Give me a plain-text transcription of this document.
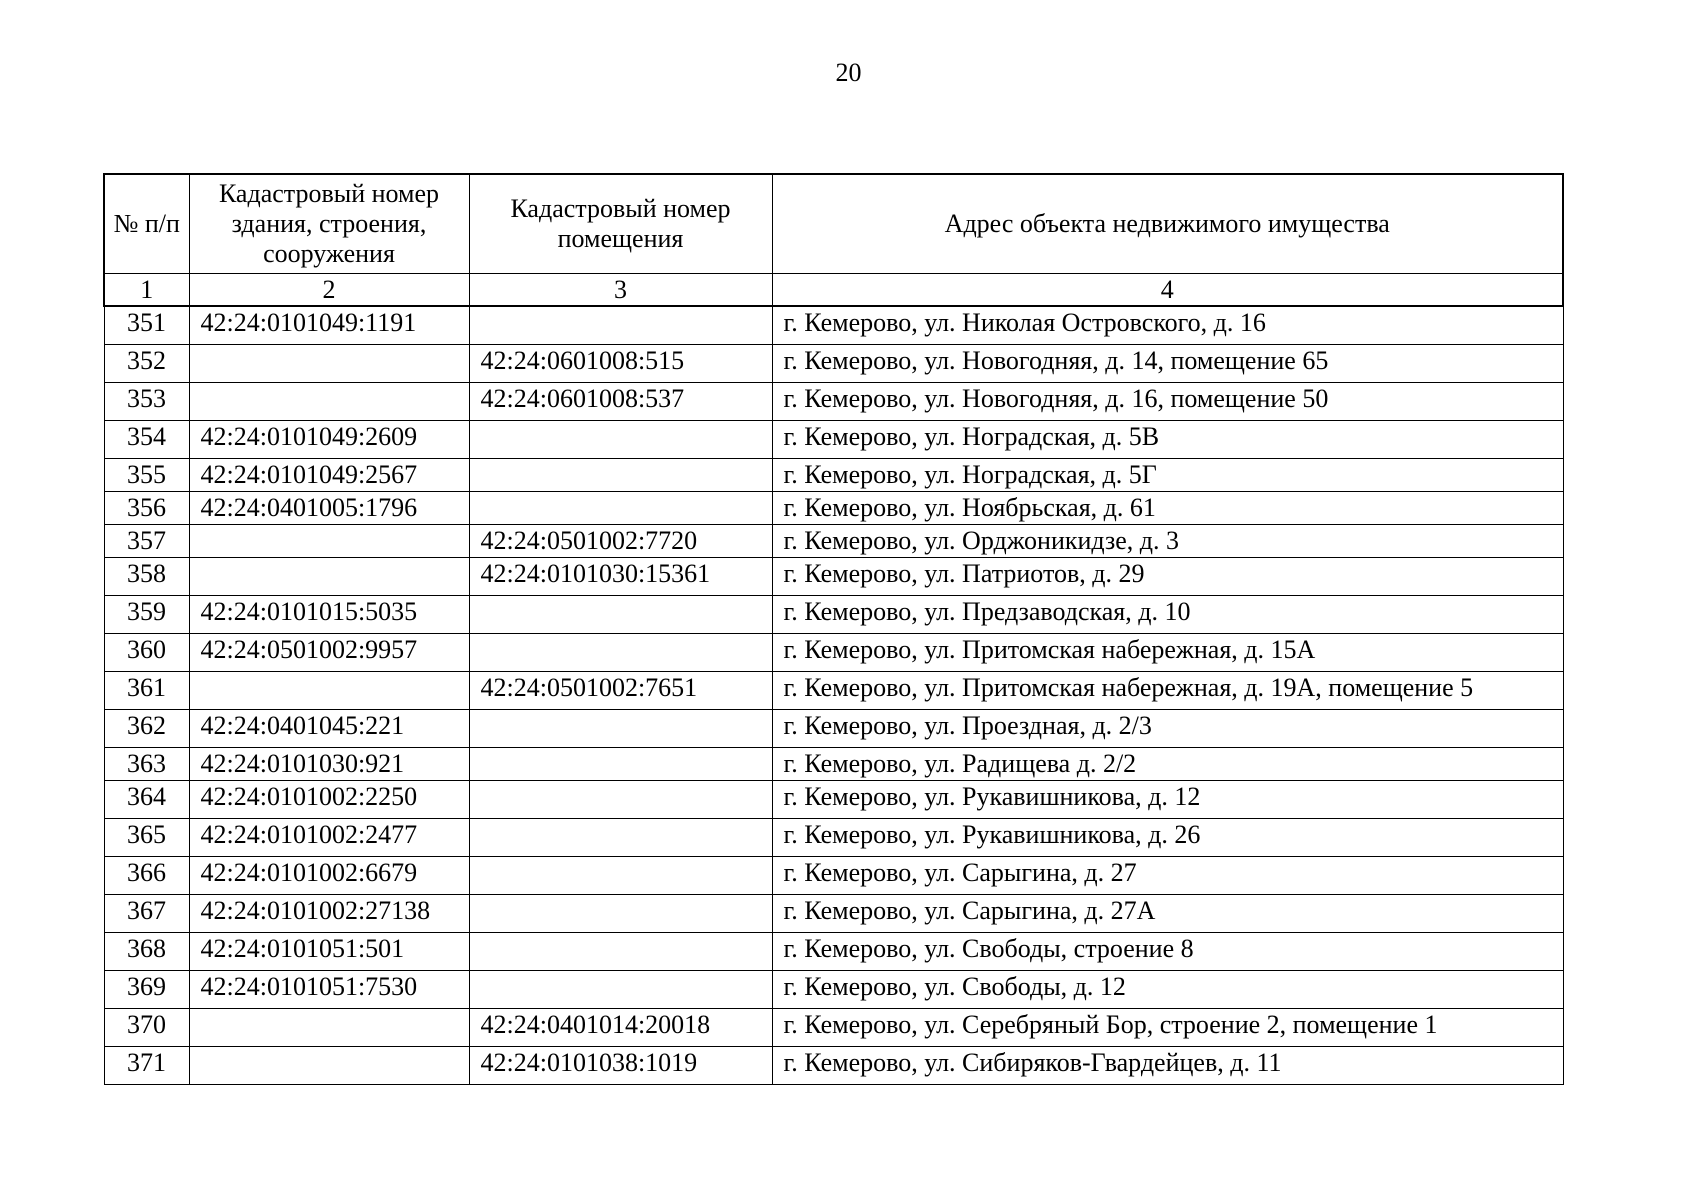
20
№ п/п	Кадастровый номер здания, строения, сооружения	Кадастровый номер помещения	Адрес объекта недвижимого имущества
1	2	3	4
351	42:24:0101049:1191		г. Кемерово, ул. Николая Островского, д. 16
352		42:24:0601008:515	г. Кемерово, ул. Новогодняя, д. 14, помещение 65
353		42:24:0601008:537	г. Кемерово, ул. Новогодняя, д. 16, помещение 50
354	42:24:0101049:2609		г. Кемерово, ул. Ноградская, д. 5В
355	42:24:0101049:2567		г. Кемерово, ул. Ноградская, д. 5Г
356	42:24:0401005:1796		г. Кемерово, ул. Ноябрьская, д. 61
357		42:24:0501002:7720	г. Кемерово, ул. Орджоникидзе, д. 3
358		42:24:0101030:15361	г. Кемерово, ул. Патриотов, д. 29
359	42:24:0101015:5035		г. Кемерово, ул. Предзаводская, д. 10
360	42:24:0501002:9957		г. Кемерово, ул. Притомская набережная, д. 15А
361		42:24:0501002:7651	г. Кемерово, ул. Притомская набережная, д. 19А, помещение 5
362	42:24:0401045:221		г. Кемерово, ул. Проездная, д. 2/3
363	42:24:0101030:921		г. Кемерово, ул. Радищева д. 2/2
364	42:24:0101002:2250		г. Кемерово, ул. Рукавишникова, д. 12
365	42:24:0101002:2477		г. Кемерово, ул. Рукавишникова, д. 26
366	42:24:0101002:6679		г. Кемерово, ул. Сарыгина, д. 27
367	42:24:0101002:27138		г. Кемерово, ул. Сарыгина, д. 27А
368	42:24:0101051:501		г. Кемерово, ул. Свободы, строение 8
369	42:24:0101051:7530		г. Кемерово, ул. Свободы, д. 12
370		42:24:0401014:20018	г. Кемерово, ул. Серебряный Бор, строение 2, помещение 1
371		42:24:0101038:1019	г. Кемерово, ул. Сибиряков-Гвардейцев, д. 11
